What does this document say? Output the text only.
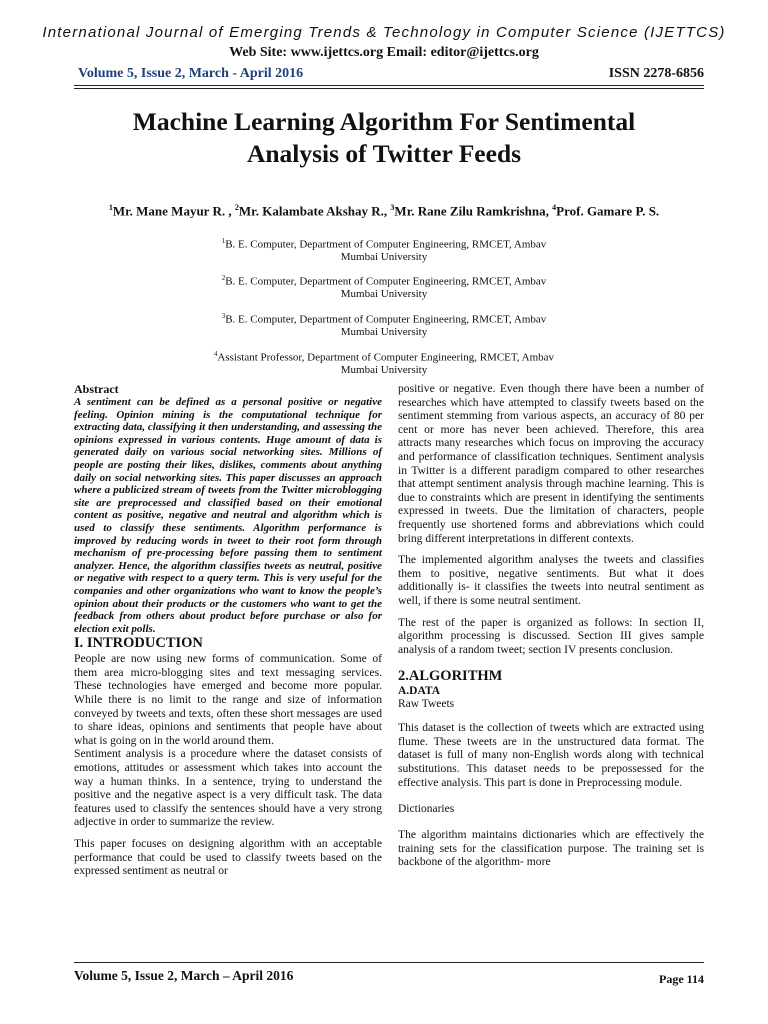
International Journal of Emerging Trends & Technology in Computer Science (IJETTCS)
Web Site: www.ijettcs.org Email: editor@ijettcs.org
Volume 5, Issue 2, March - April 2016	ISSN 2278-6856
Machine Learning Algorithm For Sentimental
Analysis of Twitter Feeds
$^1$Mr. Mane Mayur R. , $^2$Mr. Kalambate Akshay R., $^3$Mr. Rane Zilu Ramkrishna, $^4$Prof. Gamare P. S.
$^1$B. E. Computer, Department of Computer Engineering, RMCET, Ambav
Mumbai University
$^2$B. E. Computer, Department of Computer Engineering, RMCET, Ambav
Mumbai University
$^3$B. E. Computer, Department of Computer Engineering, RMCET, Ambav
Mumbai University
$^4$Assistant Professor, Department of Computer Engineering, RMCET, Ambav
Mumbai University
Abstract

A sentiment can be defined as a personal positive or negative feeling. Opinion mining is the computational technique for extracting data, classifying it then understanding, and assessing the opinions expressed in various contents. Huge amount of data is generated daily on various social networking sites. Millions of people are posting their likes, dislikes, comments about anything daily on social networking sites. This paper discusses an approach where a publicized stream of tweets from the Twitter microblogging site are preprocessed and classified based on their emotional content as positive, negative and neutral and algorithm which is used to classify these sentiments. Algorithm performance is improved by reducing words in tweet to their root form through mechanism of pre-processing before passing them to sentiment analyzer. Hence, the algorithm classifies tweets as neutral, positive or negative with respect to a query term. This is very useful for the companies and other organizations who want to know the people’s opinion about their products or the customers who want to get the feedback from others about product before purchase or also for election exit polls.

I. INTRODUCTION

People are now using new forms of communication. Some of them area micro-blogging sites and text messaging services. These technologies have emerged and become more popular. While there is no limit to the range and size of information conveyed by tweets and texts, often these short messages are used to share ideas, opinions and sentiments that people have about what is going on in the world around them.

Sentiment analysis is a procedure where the dataset consists of emotions, attitudes or assessment which takes into account the way a human thinks. In a sentence, trying to understand the positive and the negative aspect is a very difficult task. The data features used to classify the sentences should have a very strong adjective in order to summarize the review.

This paper focuses on designing algorithm with an acceptable performance that could be used to classify tweets based on the expressed sentiment as neutral or

positive or negative. Even though there have been a number of researches which have attempted to classify tweets based on the sentiment stemming from various aspects, an accuracy of 80 per cent or more has never been achieved. Therefore, this area attracts many researches which focus on improving the accuracy and performance of classification techniques. Sentiment analysis in Twitter is a different paradigm compared to other researches that attempt sentiment analysis through machine learning. This is due to constraints which are present in identifying the sentiments expressed in tweets. Due the limitation of characters, people frequently use shortened forms and abbreviations which could bring different interpretations in different contexts.

The implemented algorithm analyses the tweets and classifies them to positive, negative sentiments. But what it does additionally is- it classifies the tweets into neutral sentiment as well, if there is some neutral sentiment.

The rest of the paper is organized as follows: In section II, algorithm processing is discussed. Section III gives sample analysis of a random tweet; section IV presents conclusion.

2.ALGORITHM

A.DATA

Raw Tweets

This dataset is the collection of tweets which are extracted using flume. These tweets are in the unstructured data format. The dataset is full of many non-English words along with technical substitutions. This dataset needs to be prepossessed for the effective analysis. This part is done in Preprocessing module.

Dictionaries

The algorithm maintains dictionaries which are effectively the training sets for the classification purpose. The training set is backbone of the algorithm- more

Volume 5, Issue 2, March – April 2016	Page 114
